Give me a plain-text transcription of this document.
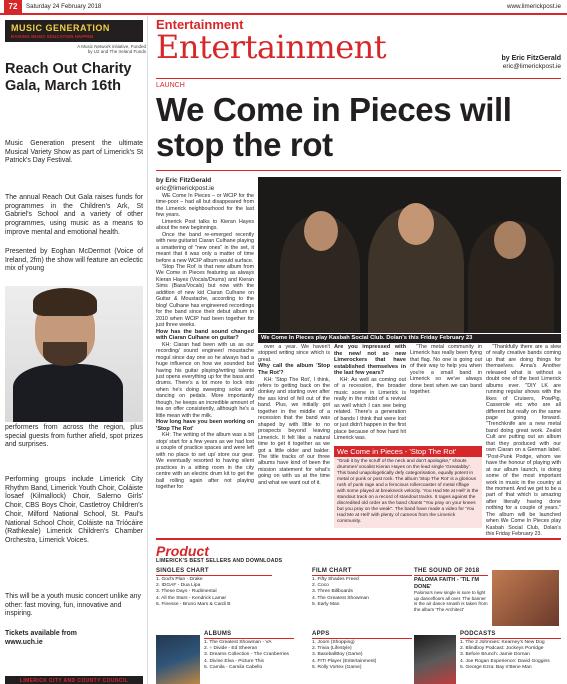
72	Saturday 24 February 2018	www.limerickpost.ie
MUSIC GENERATION
RAISING MUSIC EDUCATION HAPPEN
A Music Network initiative, Funded by U2 and The Ireland Funds
Reach Out Charity Gala, March 16th
Music Generation present the ultimate Musical Variety Show as part of Limerick's St Patrick's Day Festival.
The annual Reach Out Gala raises funds for programmes in the Children's Ark, St Gabriel's School and a variety of other programmes, using music as a means to improve mental and emotional health.
Presented by Eoghan McDermot (Voice of Ireland, 2fm) the show will feature an eclectic mix of young
performers from across the region, plus special guests from further afield, spot prizes and surprises.
Performing groups include Limerick City Rhythm Band, Limerick Youth Choir, Coláiste Íosaef (Kilmallock) Choir, Salerno Girls' Choir, CBS Boys Choir, Castletroy Children's Choir, Milford National School, St. Paul's National School Choir, Coláiste na Tríócáire (Rathkeale) Limerick Children's Chamber Orchestra, Limerick Voices.
This will be a youth music concert unlike any other: fast moving, fun, innovative and inspiring.
Tickets available from
www.uch.ie
LIMERICK CITY AND COUNTY COUNCIL
Entertainment
Entertainment	by Eric FitzGerald
eric@limerickpost.ie
LAUNCH
We Come in Pieces will stop the rot
by Eric FitzGerald
eric@limerickpost.ie

WE Come In Pieces – or WCIP for the time-poor – had all but disappeared from the Limerick neighbourhood for the last few years.

Limerick Post talks to Kieran Hayes about the new beginnings.

Once the band re-emerged recently with new guitarist Ciaran Culhane playing a smattering of "new ones" in the set, it meant that it was only a matter of time before a new WCIP album would surface.

'Stop The Rot' is that new album from We Come in Pieces featuring as always Kieran Hayes (Vocals/Drums) and Kieran Sims (Bass/Vocals) but now with the addition of new kid Ciaran Culhane on Guitar & Moustache, according to the blog! Culhane has engineered recordings for the band since their debut album in 2010 when WCIP had been together for just three weeks.

How has the band sound changed with Ciaran Culhane on guitar?

KH: Ciaran had been with us as our recording/ sound engineer/ moustache mogul since day one so he always had a huge influence on how we sounded but having his guitar playing/writing talents just opens everything up for the bass and drums. There's a lot more to lock into when he's doing sweeping solos and dancing on pedals. More importantly though, he keeps an incredible amount of tea on offer consistently, although he's a little mean with the milk.

How long have you been working on 'Stop The Rot'

KH: The writing of the album was a bit stop/ start for a few years as we had lost a couple of practice spaces and were left with no place to set up/ store our gear. We eventually resorted to having silent practices in a sitting room in the city centre with an electric drum kit to get the ball rolling again after not playing together for

We Come In Pieces play Kasbah Social Club. Dolan's this Friday February 23

over a year. We haven't stopped writing since which is great.

Why call the album 'Stop The Rot'?

KH: 'Stop The Rot', I think, refers to getting back on the donkey and starting over after the ass kind of fell out of the band. Plus, we initially got together in the middle of a recession that the band was shaped by with little to no prospects beyond leaving Limerick. It felt like a natural time to get it together as we got a little older and balder. The title tracks of our three albums have kind of been the mission statement for what's going on with us at the time and what we want out of it.

Are you impressed with the new/ not so new Limerockers that have established themselves in the last few years?

KH: As well as coming out of a recession, the broader music scene in Limerick is really in the midst of a revival as well which I can see being related. There's a generation of bands I think that were lost or just didn't happen in the first place because of how hard hit Limerick was.

"The metal community in Limerick has really been flying that flag. No one is going out of their way to help you when you're a small band in Limerick so we've always done best when we can band together.

"Thankfully there are a slew of really creative bands coming up that are doing things for themselves. Anna's Another released what is without a doubt one of the best Limerick albums ever. "DIY LK are running regular shows with the likes of Cruisers, PowPig, Casserole etc who are all different but really on the same page going forward. "Trenchknife are a new metal band doing great work. Zealot Cult are putting out an album that they produced with our own Ciaran on a German label. "Post-Punk Podge, whom we have the honour of playing with at our album launch, is doing some of the most important work in music in the country at the moment. And we get to be a part of that which is amazing after literally having done nothing for a couple of years." The album will be launched when We Come In Pieces play Kasbah Social Club, Dolan's this Friday February 23.

We Come in Pieces - 'Stop The Rot'
"Grab it by the scruff of the neck and don't apologise," shouts drummer/ vocalist Kieran Hayes on the lead single 'Greatabby'. This band unapologetically defy categorisation, equally potent in metal or punk or post rock. The album 'Stop The Rot' is a glorious rush of punk rage and a ferocious rollercoaster of metal riffage with some played at breakneck velocity. 'You Had Me at Hell' is the standout track on a record of standout tracks. It rages against the discredited old order as the band chants "You pray on your knees but you pray on the weak". The band have made a video for 'You Had Me at Hell' with plenty of cameos from the Limerick community.
Product
LIMERICK'S BEST SELLERS AND DOWNLOADS
SINGLES CHART
1. God's Plan - Drake
2. IDGAF - Dua Lipa
3. These Days - Rudimental
4. All the Stars - Kendrick Lamar
5. Finesse - Bruno Mars & Cardi B
FILM CHART
1. Fifty Shades Freed
2. Coco
3. Three Billboards
4. The Greatest Showman
5. Early Man
THE SOUND OF 2018
PALOMA FAITH - 'TIL I'M DONE'

Paloma's new single is sure to light up dancefloors all over. The banner is the air dance smash is taken from the album 'The Architect'

ALBUMS
1. The Greatest Showman - VA
2. ÷ Divide - Ed Sheeran
3. Dreams Collection - The Cranberries
4. Divine Elva - Picture This
5. Camila - Camila Cabello
APPS
1. Joom (Shopping)
2. Trivia (Lifestyle)
3. BaseballBoy (Game)
4. FIT! Player (Entertainment)
5. Rolly Vortex (Game)
PODCASTS
1. The 2 Johnnies: Kearney's New Dog
2. Blindboy Podcast: Jockeys Porridge
3. Before Brunch: Jamie Dornan
4. Joe Rogan Experience: David Goggins
5. George Ezra: Bay n'Bene Man
